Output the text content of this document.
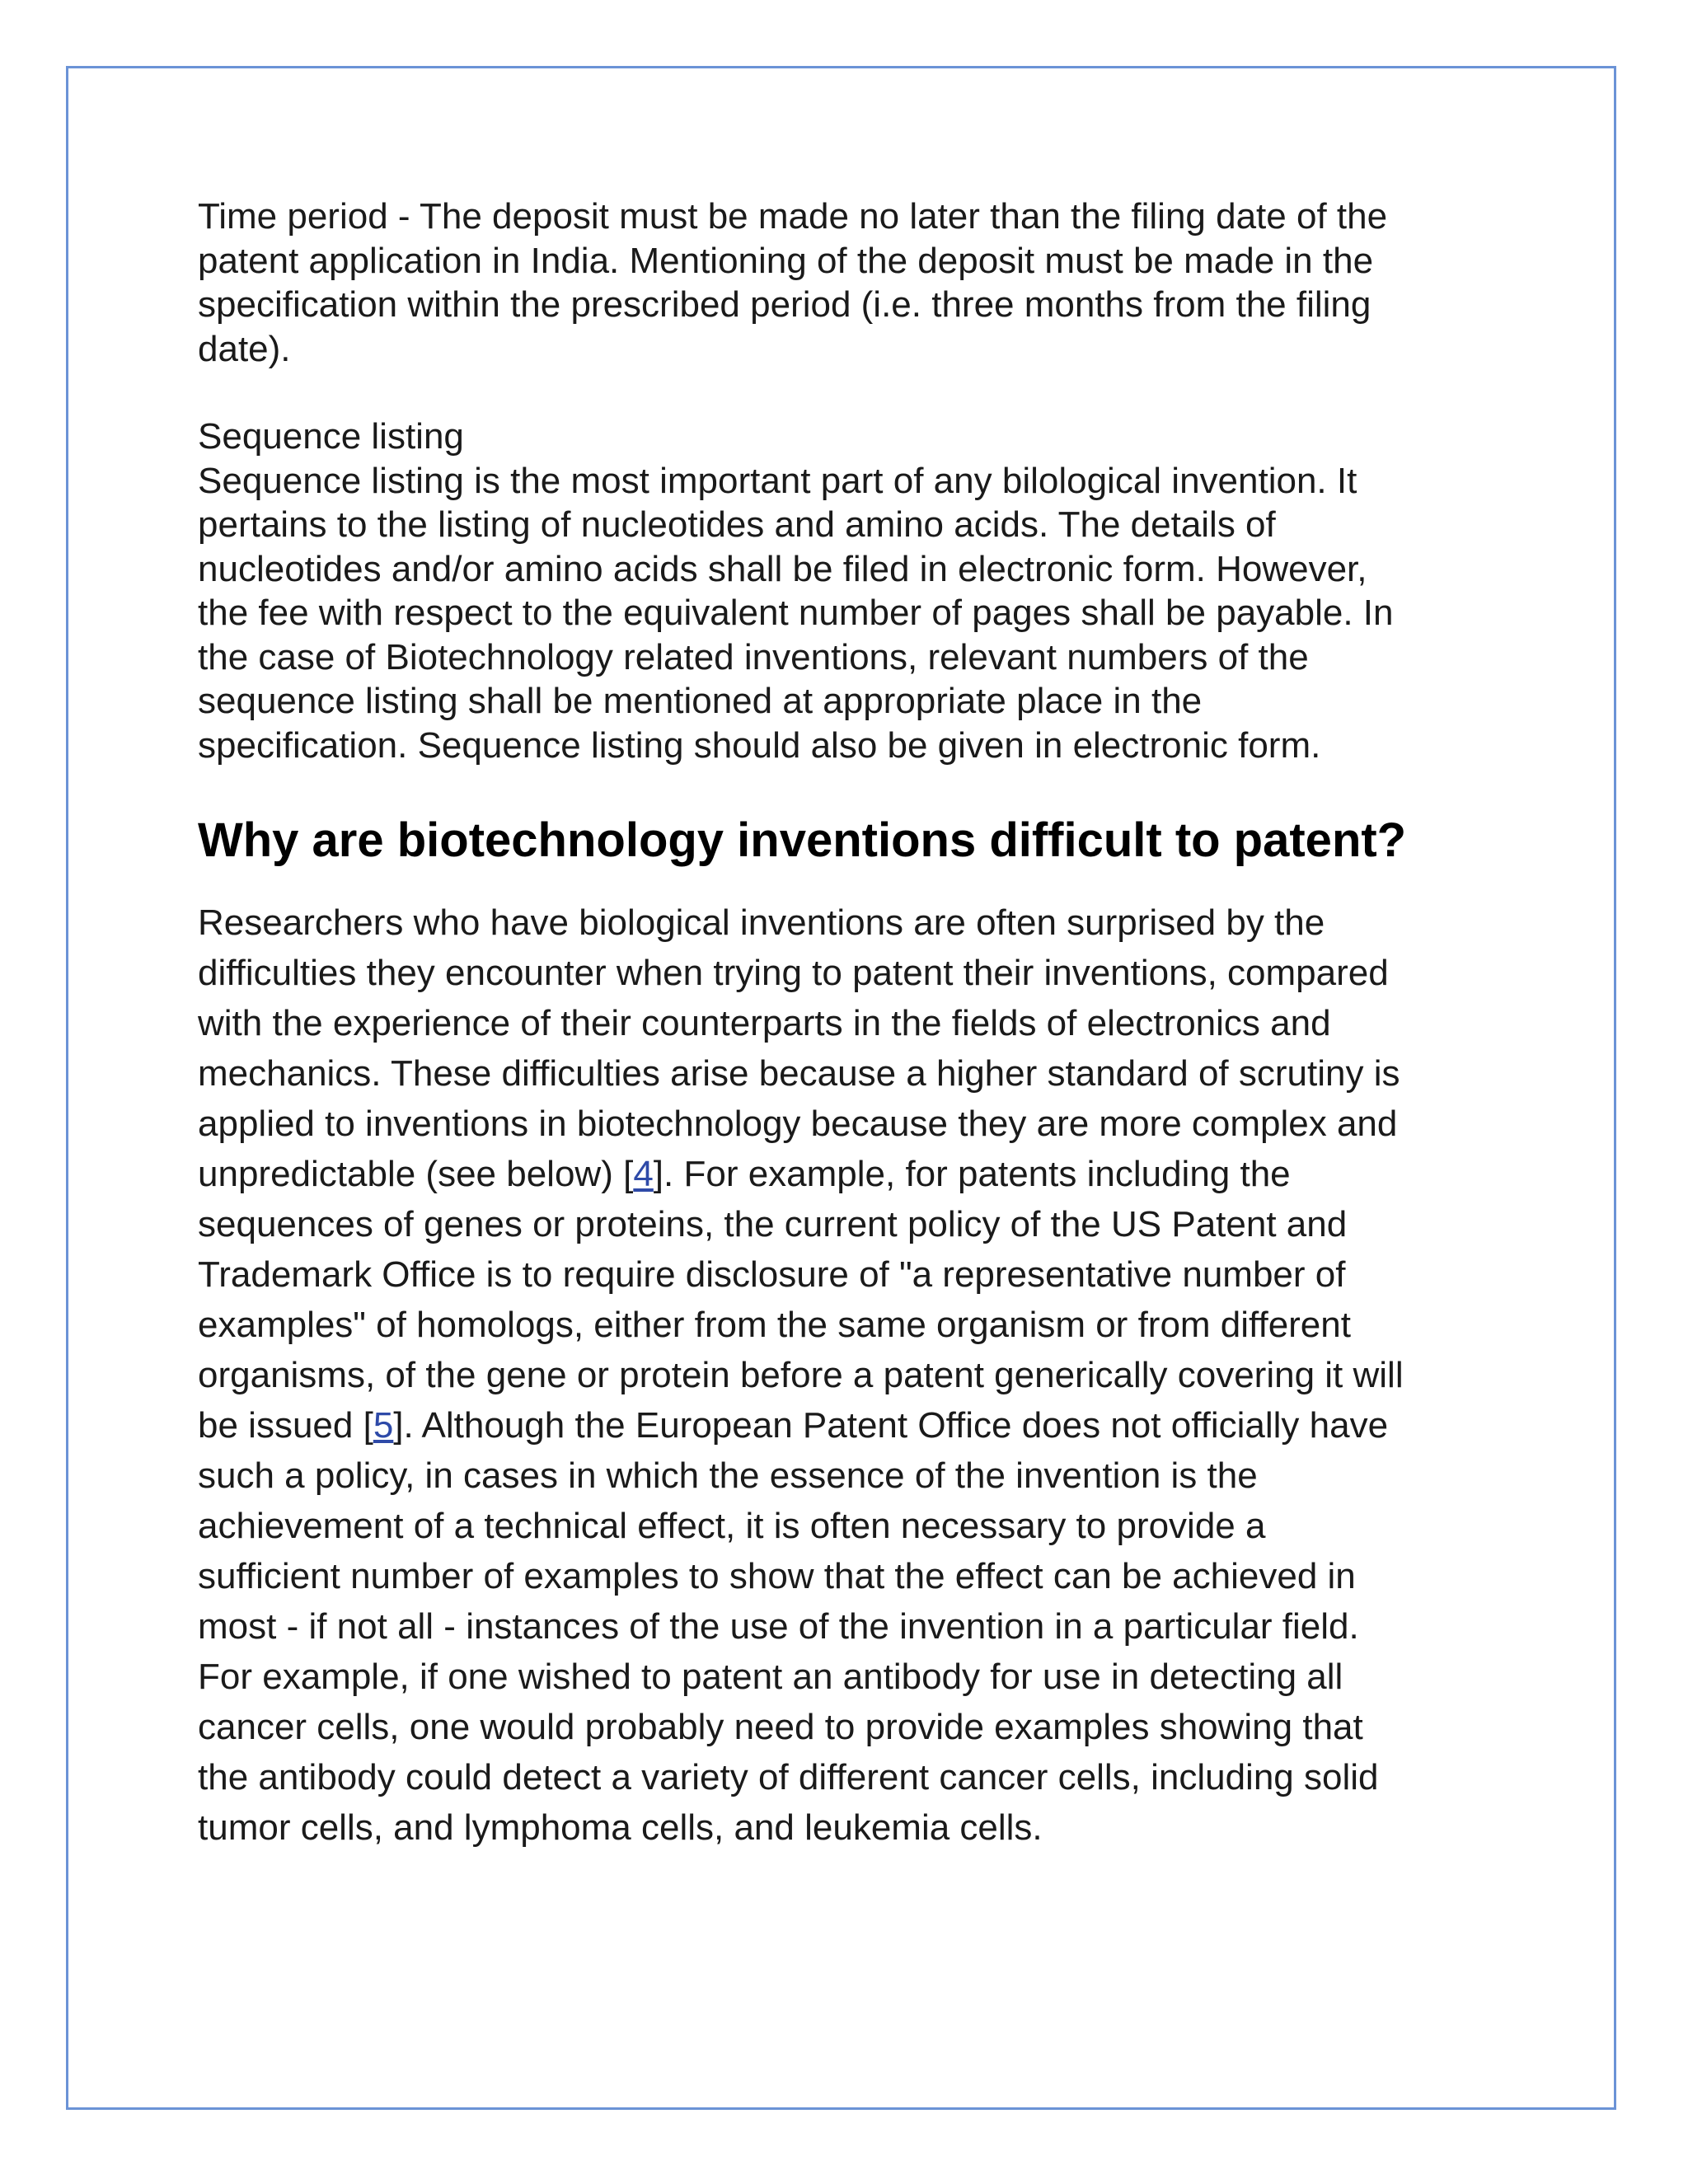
Time period - The deposit must be made no later than the filing date of the
patent application in India. Mentioning of the deposit must be made in the
specification within the prescribed period (i.e. three months from the filing
date).

Sequence listing

Sequence listing is the most important part of any bilological invention. It
pertains to the listing of nucleotides and amino acids. The details of
nucleotides and/or amino acids shall be filed in electronic form. However,
the fee with respect to the equivalent number of pages shall be payable. In
the case of Biotechnology related inventions, relevant numbers of the
sequence listing shall be mentioned at appropriate place in the
specification. Sequence listing should also be given in electronic form.

Why are biotechnology inventions difficult to patent?

Researchers who have biological inventions are often surprised by the
difficulties they encounter when trying to patent their inventions, compared
with the experience of their counterparts in the fields of electronics and
mechanics. These difficulties arise because a higher standard of scrutiny is
applied to inventions in biotechnology because they are more complex and
unpredictable (see below) [4]. For example, for patents including the
sequences of genes or proteins, the current policy of the US Patent and
Trademark Office is to require disclosure of "a representative number of
examples" of homologs, either from the same organism or from different
organisms, of the gene or protein before a patent generically covering it will
be issued [5]. Although the European Patent Office does not officially have
such a policy, in cases in which the essence of the invention is the
achievement of a technical effect, it is often necessary to provide a
sufficient number of examples to show that the effect can be achieved in
most - if not all - instances of the use of the invention in a particular field.
For example, if one wished to patent an antibody for use in detecting all
cancer cells, one would probably need to provide examples showing that
the antibody could detect a variety of different cancer cells, including solid
tumor cells, and lymphoma cells, and leukemia cells.
